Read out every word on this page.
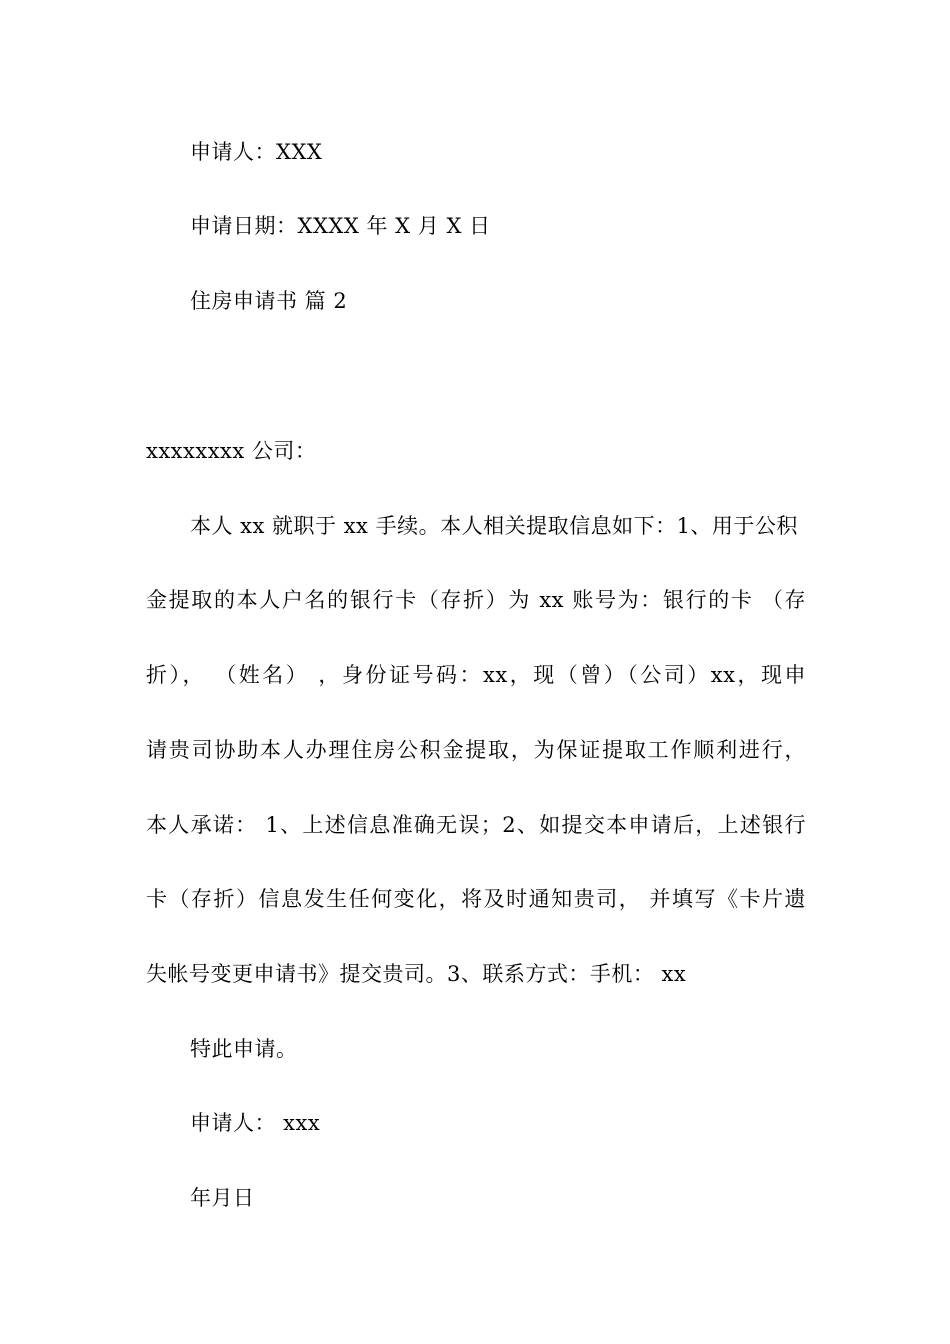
申请人：XXX
申请日期：XXXX 年 X 月 X 日
住房申请书 篇 2
xxxxxxxx 公司：
本人 xx 就职于 xx 手续。本人相关提取信息如下：1、用于公积
金提取的本人户名的银行卡（存折）为 xx 账号为：银行的卡 （存
折）， （姓名） ，身份证号码：xx，现（曾）（公司）xx，现申
请贵司协助本人办理住房公积金提取，为保证提取工作顺利进行，
本人承诺： 1、上述信息准确无误；2、如提交本申请后，上述银行
卡（存折）信息发生任何变化，将及时通知贵司， 并填写《卡片遗
失帐号变更申请书》提交贵司。3、联系方式：手机： xx
特此申请。
申请人： xxx
年月日
